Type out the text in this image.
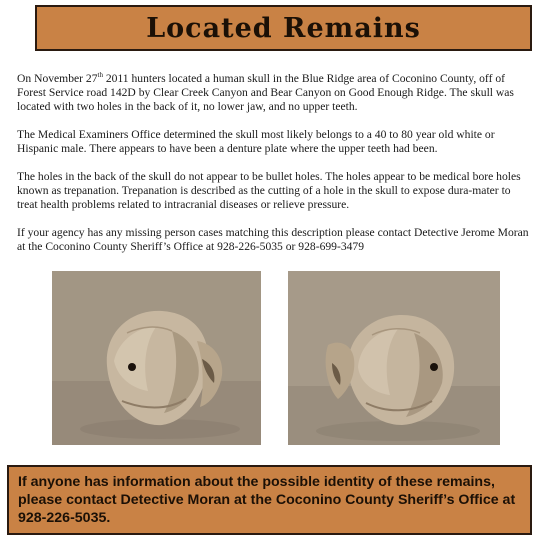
Located Remains

On November 27th 2011 hunters located a human skull in the Blue Ridge area of Coconino County, off of Forest Service road 142D by Clear Creek Canyon and Bear Canyon on Good Enough Ridge. The skull was located with two holes in the back of it, no lower jaw, and no upper teeth.

The Medical Examiners Office determined the skull most likely belongs to a 40 to 80 year old white or Hispanic male. There appears to have been a denture plate where the upper teeth had been.

The holes in the back of the skull do not appear to be bullet holes. The holes appear to be medical bore holes known as trepanation. Trepanation is described as the cutting of a hole in the skull to expose dura-mater to treat health problems related to intracranial diseases or relieve pressure.

If your agency has any missing person cases matching this description please contact Detective Jerome Moran at the Coconino County Sheriff’s Office at 928-226-5035 or 928-699-3479

If anyone has information about the possible identity of these remains, please contact Detective Moran at the Coconino County Sheriff’s Office at 928-226-5035.
